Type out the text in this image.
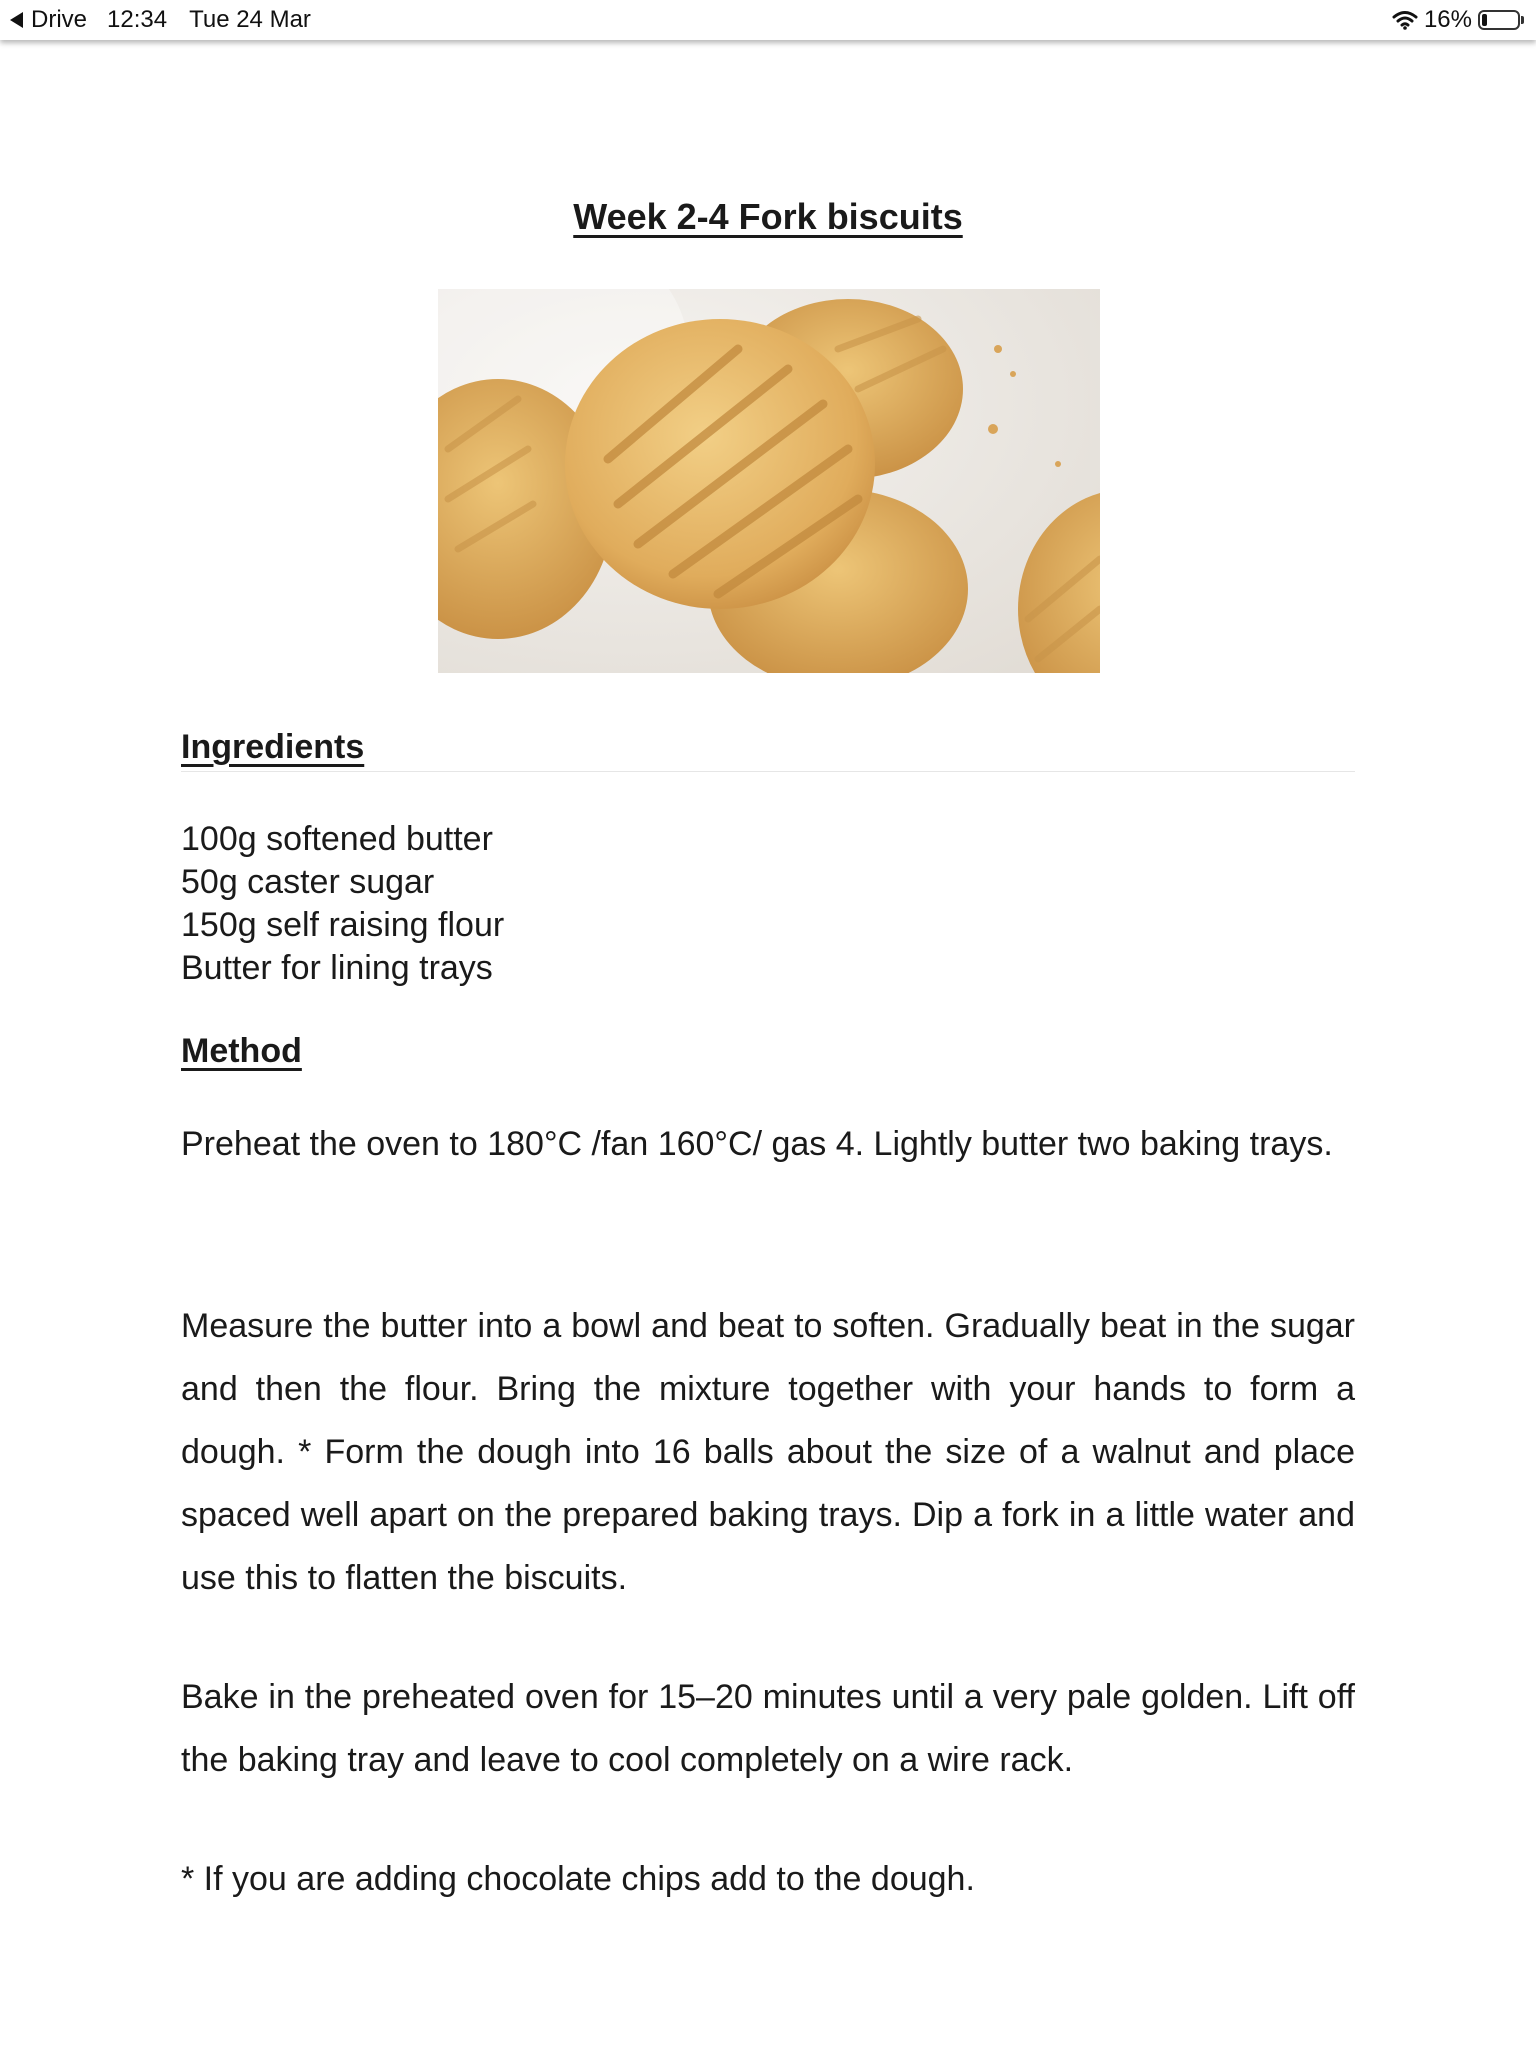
Drive 12:34 Tue 24 Mar	16%
Week 2-4 Fork biscuits
Ingredients
100g softened butter
50g caster sugar
150g self raising flour
Butter for lining trays
Method

Preheat the oven to 180°C /fan 160°C/ gas 4. Lightly butter two baking trays.

Measure the butter into a bowl and beat to soften. Gradually beat in the sugar and then the flour. Bring the mixture together with your hands to form a dough. * Form the dough into 16 balls about the size of a walnut and place spaced well apart on the prepared baking trays. Dip a fork in a little water and use this to flatten the biscuits.

Bake in the preheated oven for 15–20 minutes until a very pale golden. Lift off the baking tray and leave to cool completely on a wire rack.

* If you are adding chocolate chips add to the dough.
